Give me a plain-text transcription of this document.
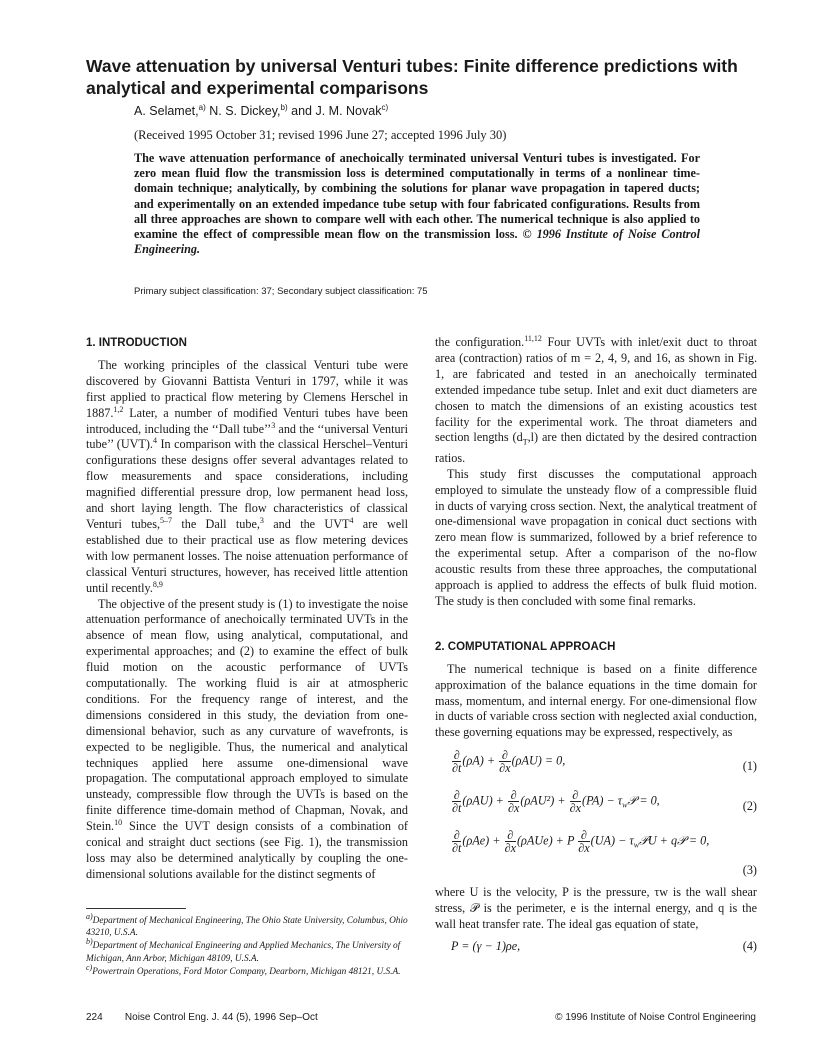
Wave attenuation by universal Venturi tubes: Finite difference predictions with analytical and experimental comparisons
A. Selamet,$^{a)}$ N. S. Dickey,$^{b)}$ and J. M. Novak$^{c)}$
(Received 1995 October 31; revised 1996 June 27; accepted 1996 July 30)
The wave attenuation performance of anechoically terminated universal Venturi tubes is investigated. For zero mean fluid flow the transmission loss is determined computationally in terms of a nonlinear time-domain technique; analytically, by combining the solutions for planar wave propagation in tapered ducts; and experimentally on an extended impedance tube setup with four fabricated configurations. Results from all three approaches are shown to compare well with each other. The numerical technique is also applied to examine the effect of compressible mean flow on the transmission loss. © 1996 Institute of Noise Control Engineering.
Primary subject classification: 37; Secondary subject classification: 75
1. INTRODUCTION

The working principles of the classical Venturi tube were discovered by Giovanni Battista Venturi in 1797, while it was first applied to practical flow metering by Clemens Herschel in 1887.$^{1,2}$ Later, a number of modified Venturi tubes have been introduced, including the ‘‘Dall tube’’$^3$ and the ‘‘universal Venturi tube’’ (UVT).$^4$ In comparison with the classical Herschel–Venturi configurations these designs offer several advantages related to flow measurements and space considerations, including magnified differential pressure drop, low permanent head loss, and short laying length. The flow characteristics of classical Venturi tubes,$^{5-7}$ the Dall tube,$^3$ and the UVT$^4$ are well established due to their practical use as flow metering devices with low permanent losses. The noise attenuation performance of classical Venturi structures, however, has received little attention until recently.$^{8,9}$

The objective of the present study is (1) to investigate the noise attenuation performance of anechoically terminated UVTs in the absence of mean flow, using analytical, computational, and experimental approaches; and (2) to examine the effect of bulk fluid motion on the acoustic performance of UVTs computationally. The working fluid is air at atmospheric conditions. For the frequency range of interest, and the dimensions considered in this study, the deviation from one-dimensional behavior, such as any curvature of wavefronts, is expected to be negligible. Thus, the numerical and analytical techniques applied here assume one-dimensional wave propagation. The computational approach employed to simulate unsteady, compressible flow through the UVTs is based on the finite difference time-domain method of Chapman, Novak, and Stein.$^{10}$ Since the UVT design consists of a combination of conical and straight duct sections (see Fig. 1), the transmission loss may also be determined analytically by coupling the one-dimensional solutions available for the distinct segments of

$^{a)}$Department of Mechanical Engineering, The Ohio State University, Columbus, Ohio 43210, U.S.A.
$^{b)}$Department of Mechanical Engineering and Applied Mechanics, The University of Michigan, Ann Arbor, Michigan 48109, U.S.A.
$^{c)}$Powertrain Operations, Ford Motor Company, Dearborn, Michigan 48121, U.S.A.

the configuration.$^{11,12}$ Four UVTs with inlet/exit duct to throat area (contraction) ratios of m = 2, 4, 9, and 16, as shown in Fig. 1, are fabricated and tested in an anechoically terminated extended impedance tube setup. Inlet and exit duct diameters are chosen to match the dimensions of an existing acoustics test facility for the experimental work. The throat diameters and section lengths $(d_T,l)$ are then dictated by the desired contraction ratios.

This study first discusses the computational approach employed to simulate the unsteady flow of a compressible fluid in ducts of varying cross section. Next, the analytical treatment of one-dimensional wave propagation in conical duct sections with zero mean flow is summarized, followed by a brief reference to the experimental setup. After a comparison of the no-flow acoustic results from these three approaches, the computational approach is applied to address the effects of bulk fluid motion. The study is then concluded with some final remarks.

2. COMPUTATIONAL APPROACH

The numerical technique is based on a finite difference approximation of the balance equations in the time domain for mass, momentum, and internal energy. For one-dimensional flow in ducts of variable cross section with neglected axial conduction, these governing equations may be expressed, respectively, as

$\frac{\partial}{\partial t} (\rho A) + \frac{\partial}{\partial x} (\rho AU) = 0$,	(1)
$\frac{\partial}{\partial t} (\rho AU) + \frac{\partial}{\partial x} (\rho AU^2) + \frac{\partial}{\partial x} (PA)$ − $\tau_w𝒫 = 0$,	(2)
$\frac{\partial}{\partial t} (\rho Ae) + \frac{\partial}{\partial x} (\rho AUe) + P \frac{\partial}{\partial x} (UA)$ − $\tau_w𝒫U$ + q𝒫 = 0,
(3)

where U is the velocity, P is the pressure, τw is the wall shear stress, 𝒫 is the perimeter, e is the internal energy, and q is the wall heat transfer rate. The ideal gas equation of state,

P = (γ − 1)ρe,	(4)
224        Noise Control Eng. J. 44 (5), 1996 Sep–Oct	© 1996 Institute of Noise Control Engineering
